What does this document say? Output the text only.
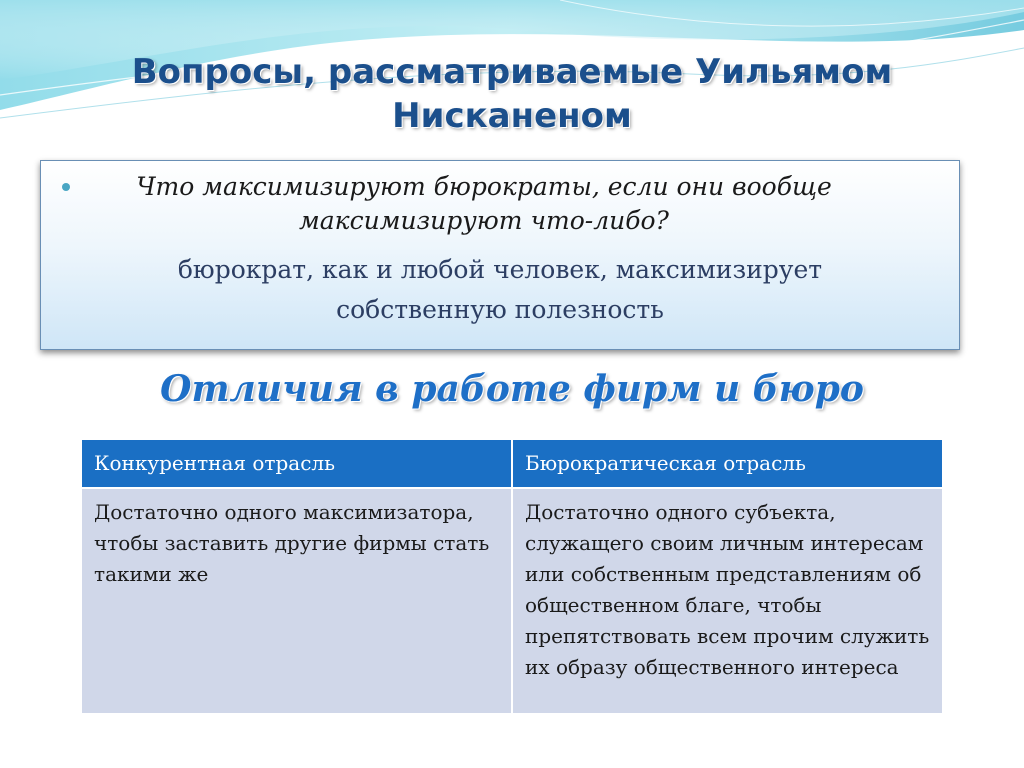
Вопросы, рассматриваемые Уильямом Нисканеном
Что максимизируют бюрократы, если они вообще максимизируют что-либо?
бюрократ, как и любой человек, максимизирует собственную полезность
Отличия в работе фирм и бюро
Конкурентная отрасль	Бюрократическая отрасль
Достаточно одного максимизатора, чтобы заставить другие фирмы стать такими же	Достаточно одного субъекта, служащего своим личным интересам или собственным представлениям об общественном благе, чтобы препятствовать всем прочим служить их образу общественного интереса
